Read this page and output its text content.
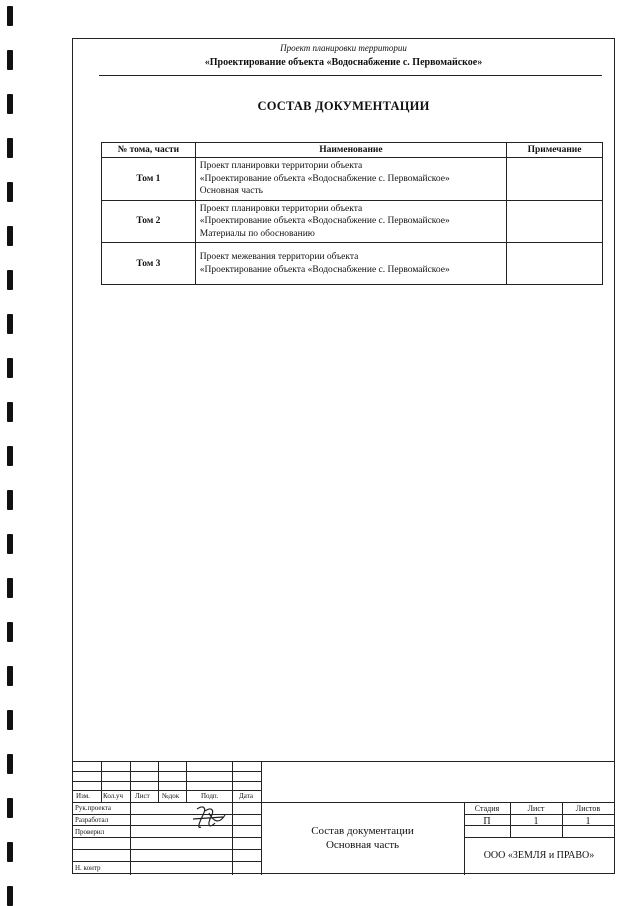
Проект планировки территории
«Проектирование объекта «Водоснабжение с. Первомайское»
СОСТАВ ДОКУМЕНТАЦИИ
№ тома, части	Наименование	Примечание
Том 1	Проект планировки территории объекта
«Проектирование объекта «Водоснабжение с. Первомайское»
Основная часть	

Том 2	Проект планировки территории объекта
«Проектирование объекта «Водоснабжение с. Первомайское»
Материалы по обоснованию	

Том 3	Проект межевания территории объекта
«Проектирование объекта «Водоснабжение с. Первомайское»	

Изм. Кол.уч Лист №док	Подп.	Дата
Рук.проекта
Разработал
Проверил
Н. контр
Состав документации
Основная часть
Стадия	Лист	Листов
П	1	1
ООО «ЗЕМЛЯ и ПРАВО»
